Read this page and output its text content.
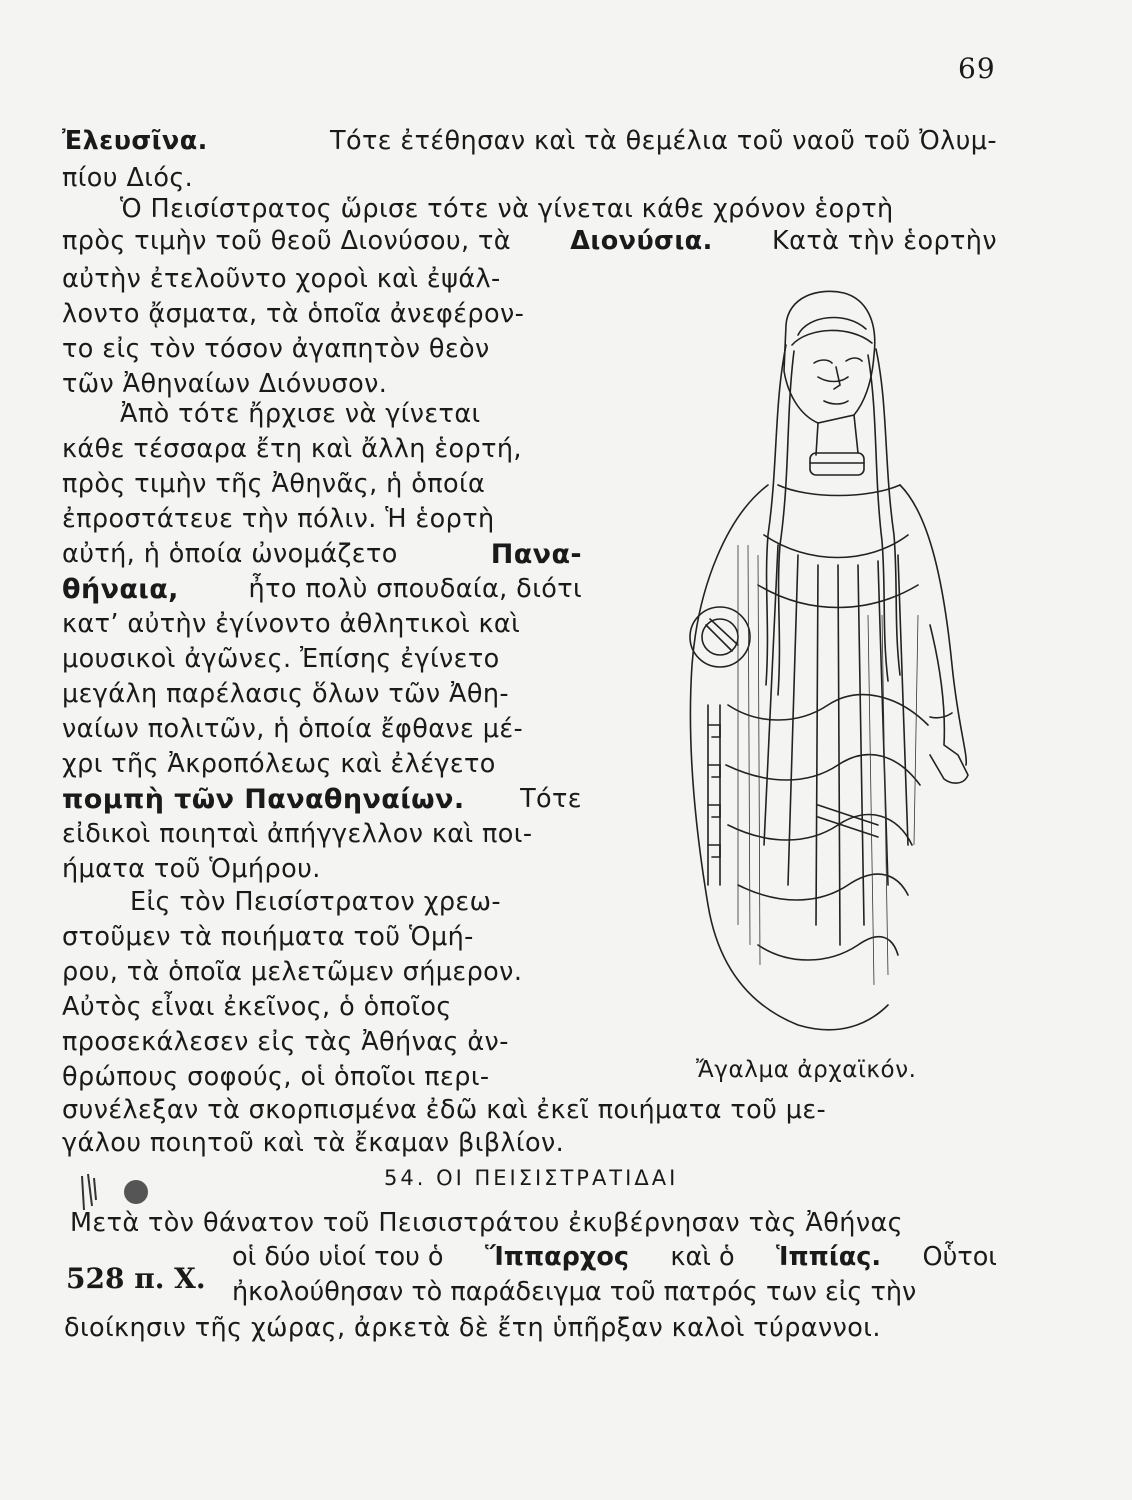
69
Ἐλευσῖνα.	Τότε ἐτέθησαν καὶ τὰ θεμέλια τοῦ ναοῦ τοῦ Ὀλυμ-
πίου Διός.
Ὁ Πεισίστρατος ὥρισε τότε νὰ γίνεται κάθε χρόνον ἑορτὴ
πρὸς τιμὴν τοῦ θεοῦ Διονύσου, τὰ Διονύσια. Κατὰ τὴν ἑορτὴν
αὐτὴν ἐτελοῦντο χοροὶ καὶ ἐψάλ-
λοντο ᾄσματα, τὰ ὁποῖα ἀνεφέρον-
το εἰς τὸν τόσον ἀγαπητὸν θεὸν
τῶν Ἀθηναίων Διόνυσον.
Ἀπὸ τότε ἤρχισε νὰ γίνεται
κάθε τέσσαρα ἔτη καὶ ἄλλη ἑορτή,
πρὸς τιμὴν τῆς Ἀθηνᾶς, ἡ ὁποία
ἐπροστάτευε τὴν πόλιν. Ἡ ἑορτὴ
αὐτή, ἡ ὁποία ὠνομάζετο	Πανα-
θήναια,	ἦτο πολὺ σπουδαία, διότι
κατ’ αὐτὴν ἐγίνοντο ἀθλητικοὶ καὶ
μουσικοὶ ἀγῶνες. Ἐπίσης ἐγίνετο
μεγάλη παρέλασις ὅλων τῶν Ἀθη-
ναίων πολιτῶν, ἡ ὁποία ἔφθανε μέ-
χρι τῆς Ἀκροπόλεως καὶ ἐλέγετο
πομπὴ τῶν Παναθηναίων. Τότε
εἰδικοὶ ποιηταὶ ἀπήγγελλον καὶ ποι-
ήματα τοῦ Ὁμήρου.
Εἰς τὸν Πεισίστρατον χρεω-
στοῦμεν τὰ ποιήματα τοῦ Ὁμή-
ρου, τὰ ὁποῖα μελετῶμεν σήμερον.
Αὐτὸς εἶναι ἐκεῖνος, ὁ ὁποῖος
προσεκάλεσεν εἰς τὰς Ἀθήνας ἀν-
θρώπους σοφούς, οἱ ὁποῖοι περι-	Ἄγαλμα ἀρχαϊκόν.
συνέλεξαν τὰ σκορπισμένα ἐδῶ καὶ ἐκεῖ ποιήματα τοῦ με-
γάλου ποιητοῦ καὶ τὰ ἔκαμαν βιβλίον.
54. ΟΙ ΠΕΙΣΙΣΤΡΑΤΙΔΑΙ
Μετὰ τὸν θάνατον τοῦ Πεισιστράτου ἐκυβέρνησαν τὰς Ἀθήνας
οἱ δύο υἱοί του ὁ Ἵππαρχος καὶ ὁ Ἱππίας. Οὗτοι
528 π. Χ. ἠκολούθησαν τὸ παράδειγμα τοῦ πατρός των εἰς τὴν
διοίκησιν τῆς χώρας, ἀρκετὰ δὲ ἔτη ὑπῆρξαν καλοὶ τύραννοι.
